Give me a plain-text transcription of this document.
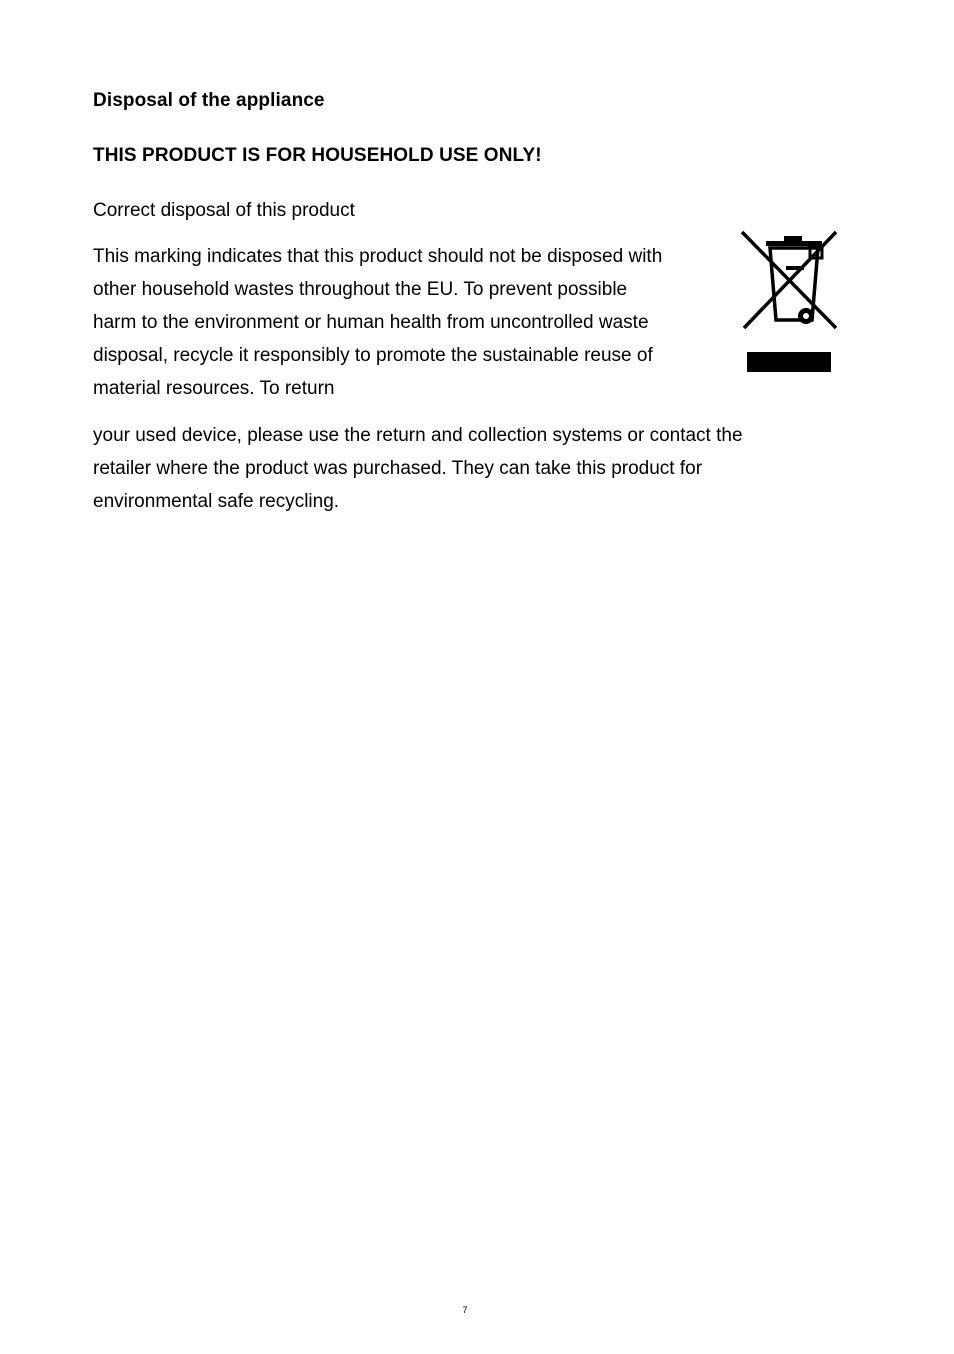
Disposal of the appliance
THIS PRODUCT IS FOR HOUSEHOLD USE ONLY!
Correct disposal of this product

This marking indicates that this product should not be disposed with
other household wastes throughout the EU. To prevent possible
harm to the environment or human health from uncontrolled waste
disposal, recycle it responsibly to promote the sustainable reuse of
material resources. To return

your used device, please use the return and collection systems or contact the
retailer where the product was purchased. They can take this product for
environmental safe recycling.

7
